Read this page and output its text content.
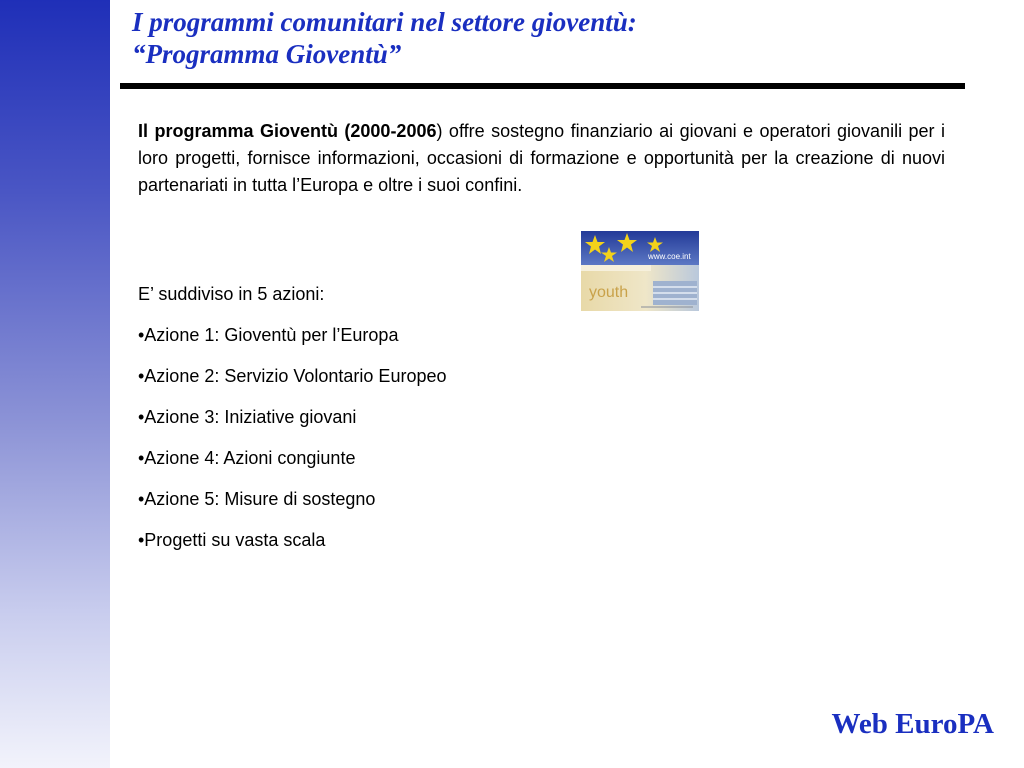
I programmi comunitari nel settore gioventù:
“Programma Gioventù”

Il programma Gioventù (2000-2006) offre sostegno finanziario ai giovani e operatori giovanili per i loro progetti, fornisce informazioni, occasioni di formazione e opportunità per la creazione di nuovi partenariati in tutta l’Europa e oltre i suoi confini.

www.coe.int
youth
E’ suddiviso in 5 azioni:
•Azione 1: Gioventù per l’Europa
•Azione 2: Servizio Volontario Europeo
•Azione 3: Iniziative giovani
•Azione 4: Azioni congiunte
•Azione 5: Misure di sostegno
•Progetti su vasta scala
Web EuroPA
